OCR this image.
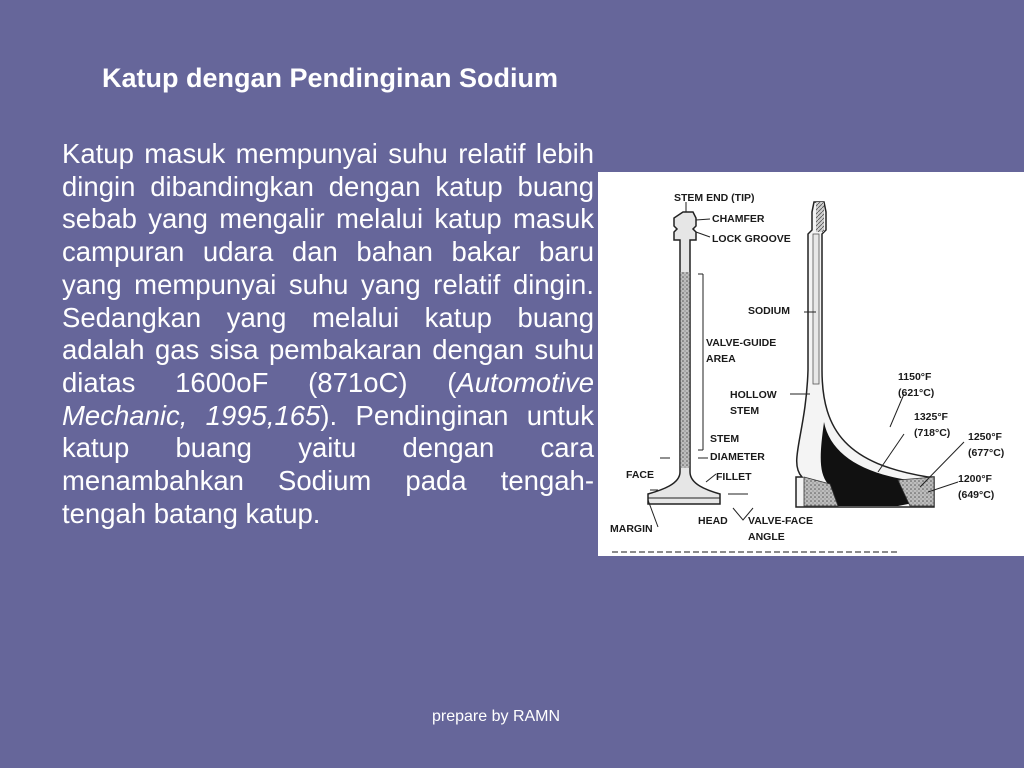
Katup dengan Pendinginan Sodium

Katup masuk mempunyai suhu relatif lebih dingin dibandingkan dengan katup buang sebab yang mengalir melalui katup masuk campuran udara dan bahan bakar baru yang mempunyai suhu yang relatif dingin. Sedangkan yang melalui katup buang adalah gas sisa pembakaran dengan suhu diatas 1600oF (871oC) (Automotive Mechanic, 1995,165). Pendinginan untuk katup buang yaitu dengan cara menambahkan Sodium pada tengah-tengah batang katup.

STEM END (TIP)
CHAMFER
LOCK GROOVE
SODIUM
VALVE-GUIDE
AREA
HOLLOW
STEM
STEM
DIAMETER
FILLET
FACE
MARGIN
HEAD VALVE-FACE
ANGLE
1150°F
(621°C)
1325°F
(718°C) 1250°F
(677°C)
1200°F
(649°C)
prepare by RAMN
